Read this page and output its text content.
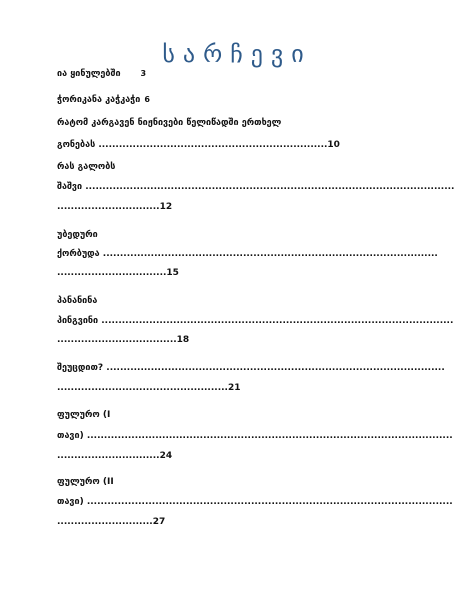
სარჩევი
ია ყინულებში	3
ჭორიკანა კაჭკაჭი 6
რატომ კარგავენ ნიჟნივები წელიწადში ერთხელ
გონებას ...................................................................10
რას გალობს
შაშვი ............................................................................................................
..............................12
უბედური
ქორბუდა ..................................................................................................
................................15
პანანინა
პინგვინი .......................................................................................................
...................................18
შეუცდით? ...................................................................................................
..................................................21
ფულურო (I
თავი) ...........................................................................................................
..............................24
ფულურო (II
თავი) ...........................................................................................................
............................27
